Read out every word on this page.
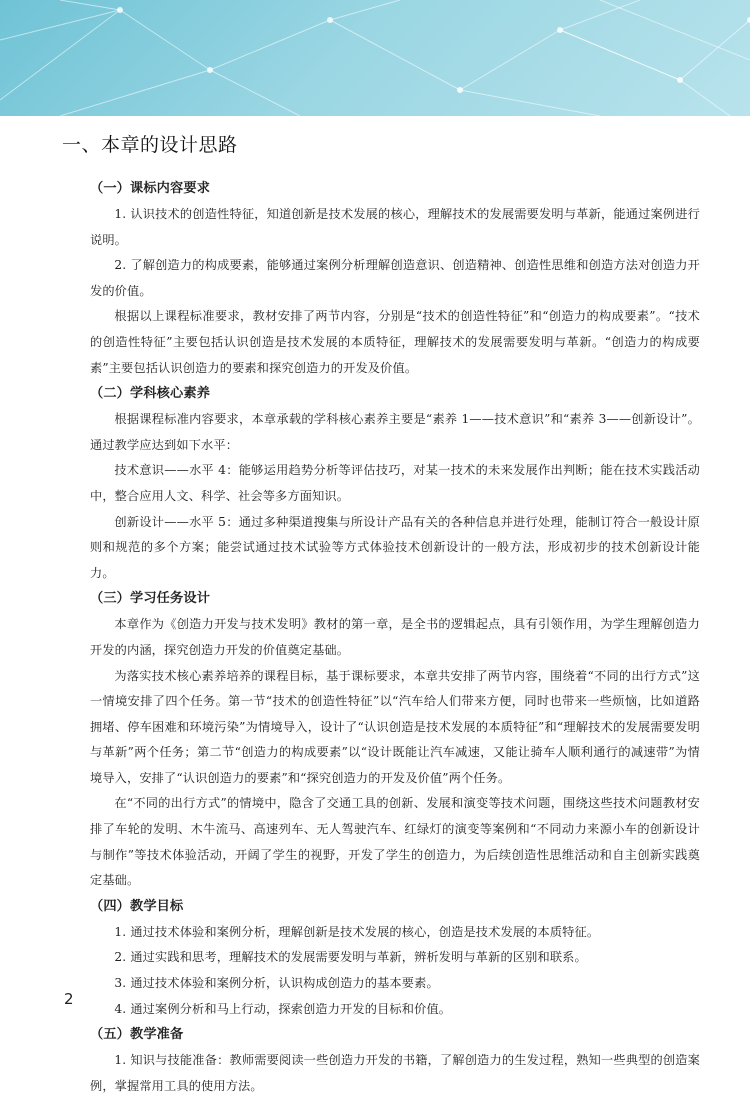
一、本章的设计思路
（一）课标内容要求

1. 认识技术的创造性特征，知道创新是技术发展的核心，理解技术的发展需要发明与革新，能通过案例进行说明。

2. 了解创造力的构成要素，能够通过案例分析理解创造意识、创造精神、创造性思维和创造方法对创造力开发的价值。

根据以上课程标准要求，教材安排了两节内容，分别是“技术的创造性特征”和“创造力的构成要素”。“技术的创造性特征”主要包括认识创造是技术发展的本质特征，理解技术的发展需要发明与革新。“创造力的构成要素”主要包括认识创造力的要素和探究创造力的开发及价值。

（二）学科核心素养

根据课程标准内容要求，本章承载的学科核心素养主要是“素养 1——技术意识”和“素养 3——创新设计”。通过教学应达到如下水平：

技术意识——水平 4：能够运用趋势分析等评估技巧，对某一技术的未来发展作出判断；能在技术实践活动中，整合应用人文、科学、社会等多方面知识。

创新设计——水平 5：通过多种渠道搜集与所设计产品有关的各种信息并进行处理，能制订符合一般设计原则和规范的多个方案；能尝试通过技术试验等方式体验技术创新设计的一般方法，形成初步的技术创新设计能力。

（三）学习任务设计

本章作为《创造力开发与技术发明》教材的第一章，是全书的逻辑起点，具有引领作用，为学生理解创造力开发的内涵，探究创造力开发的价值奠定基础。

为落实技术核心素养培养的课程目标，基于课标要求，本章共安排了两节内容，围绕着“不同的出行方式”这一情境安排了四个任务。第一节“技术的创造性特征”以“汽车给人们带来方便，同时也带来一些烦恼，比如道路拥堵、停车困难和环境污染”为情境导入，设计了“认识创造是技术发展的本质特征”和“理解技术的发展需要发明与革新”两个任务；第二节“创造力的构成要素”以“设计既能让汽车减速，又能让骑车人顺利通行的减速带”为情境导入，安排了“认识创造力的要素”和“探究创造力的开发及价值”两个任务。

在“不同的出行方式”的情境中，隐含了交通工具的创新、发展和演变等技术问题，围绕这些技术问题教材安排了车轮的发明、木牛流马、高速列车、无人驾驶汽车、红绿灯的演变等案例和“不同动力来源小车的创新设计与制作”等技术体验活动，开阔了学生的视野，开发了学生的创造力，为后续创造性思维活动和自主创新实践奠定基础。

（四）教学目标

1. 通过技术体验和案例分析，理解创新是技术发展的核心，创造是技术发展的本质特征。

2. 通过实践和思考，理解技术的发展需要发明与革新，辨析发明与革新的区别和联系。

3. 通过技术体验和案例分析，认识构成创造力的基本要素。

4. 通过案例分析和马上行动，探索创造力开发的目标和价值。

（五）教学准备

1. 知识与技能准备：教师需要阅读一些创造力开发的书籍，了解创造力的生发过程，熟知一些典型的创造案例，掌握常用工具的使用方法。

2
